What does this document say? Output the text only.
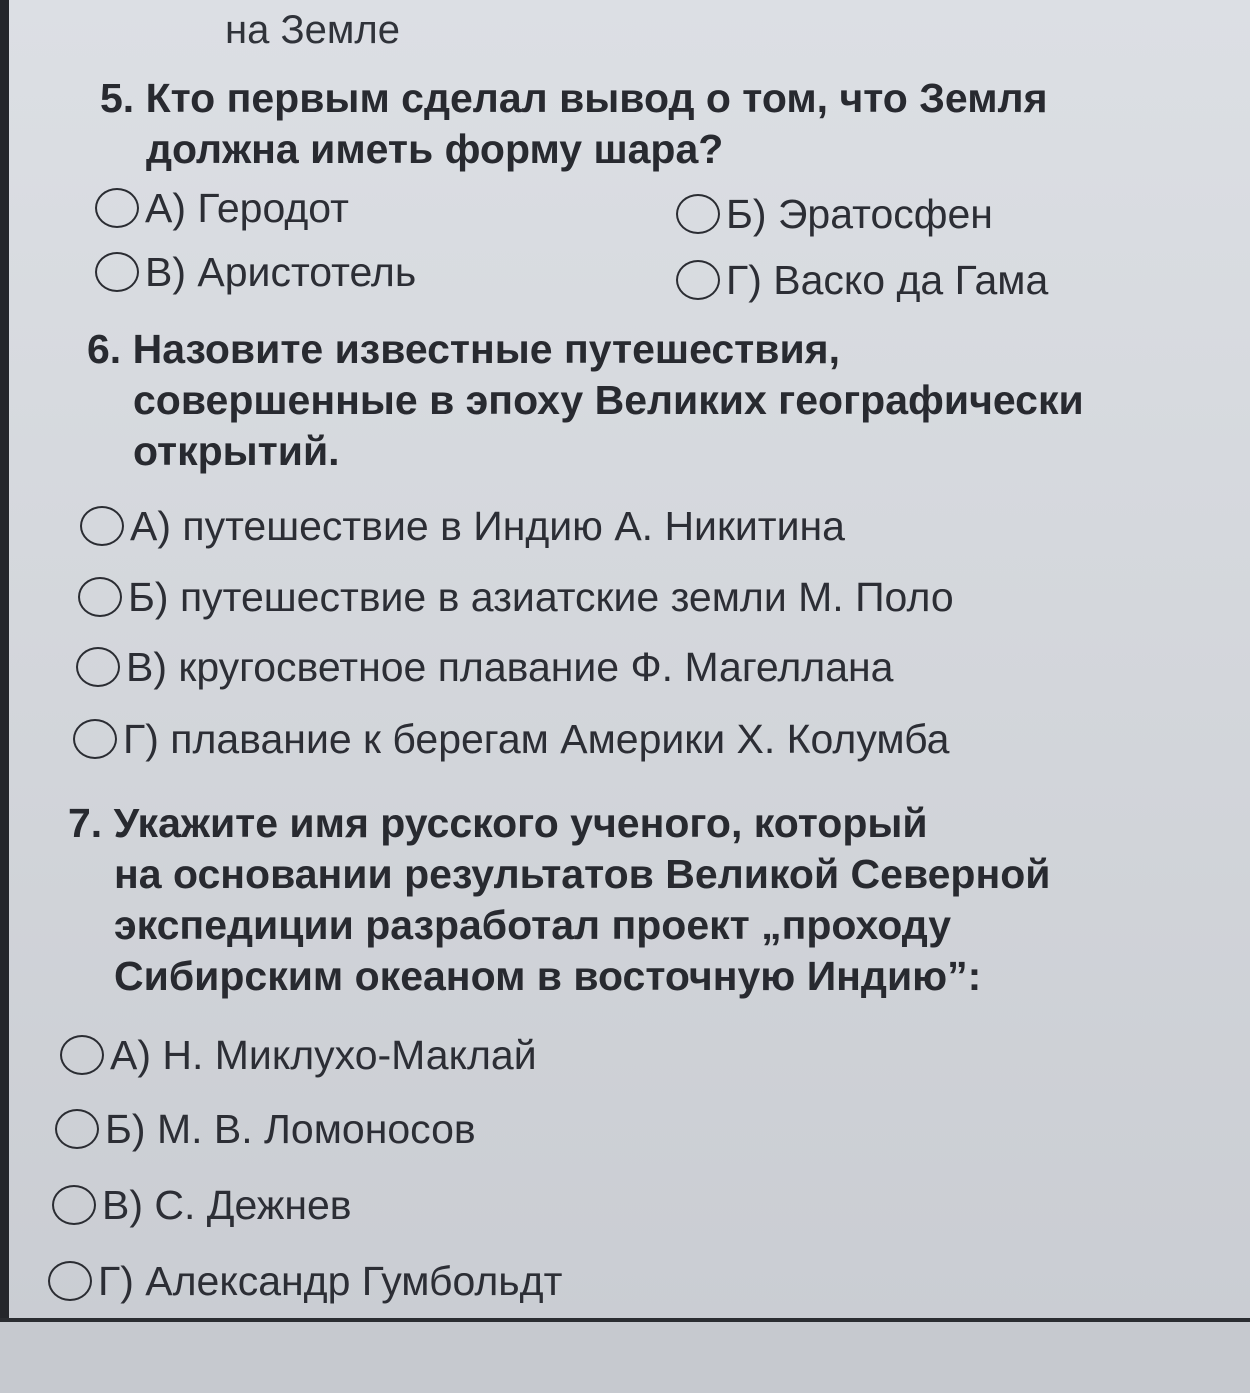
на Земле
5. Кто первым сделал вывод о том, что Земля
должна иметь форму шара?
А) Геродот	Б) Эратосфен
В) Аристотель	Г) Васко да Гама
6. Назовите известные путешествия,
совершенные в эпоху Великих географически
открытий.
А) путешествие в Индию А. Никитина
Б) путешествие в азиатские земли М. Поло
В) кругосветное плавание Ф. Магеллана
Г) плавание к берегам Америки Х. Колумба
7. Укажите имя русского ученого, который
на основании результатов Великой Северной
экспедиции разработал проект „проходу
Сибирским океаном в восточную Индию”:
А) Н. Миклухо-Маклай
Б) М. В. Ломоносов
В) С. Дежнев
Г) Александр Гумбольдт
